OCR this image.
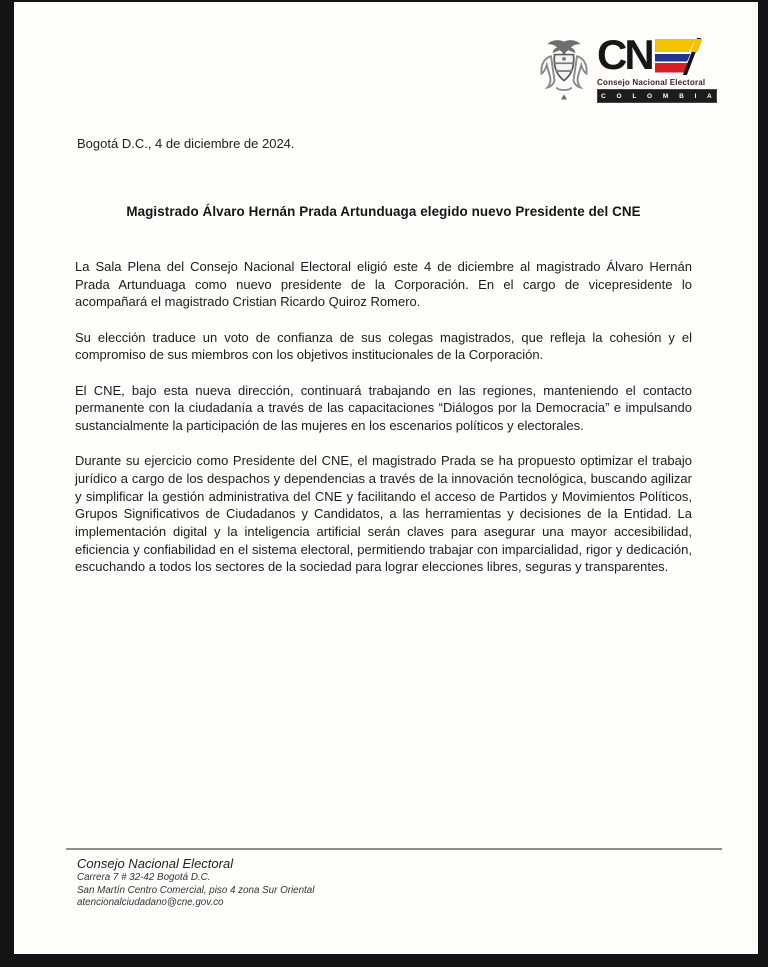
CN
Consejo Nacional Electoral
C O L O M B I A
Bogotá D.C., 4 de diciembre de 2024.
Magistrado Álvaro Hernán Prada Artunduaga elegido nuevo Presidente del CNE

La Sala Plena del Consejo Nacional Electoral eligió este 4 de diciembre al magistrado Álvaro Hernán Prada Artunduaga como nuevo presidente de la Corporación. En el cargo de vicepresidente lo acompañará el magistrado Cristian Ricardo Quiroz Romero.

Su elección traduce un voto de confianza de sus colegas magistrados, que refleja la cohesión y el compromiso de sus miembros con los objetivos institucionales de la Corporación.

El CNE, bajo esta nueva dirección, continuará trabajando en las regiones, manteniendo el contacto permanente con la ciudadanía a través de las capacitaciones “Diálogos por la Democracia” e impulsando sustancialmente la participación de las mujeres en los escenarios políticos y electorales.

Durante su ejercicio como Presidente del CNE, el magistrado Prada se ha propuesto optimizar el trabajo jurídico a cargo de los despachos y dependencias a través de la innovación tecnológica, buscando agilizar y simplificar la gestión administrativa del CNE y facilitando el acceso de Partidos y Movimientos Políticos, Grupos Significativos de Ciudadanos y Candidatos, a las herramientas y decisiones de la Entidad. La implementación digital y la inteligencia artificial serán claves para asegurar una mayor accesibilidad, eficiencia y confiabilidad en el sistema electoral, permitiendo trabajar con imparcialidad, rigor y dedicación, escuchando a todos los sectores de la sociedad para lograr elecciones libres, seguras y transparentes.

Consejo Nacional Electoral
Carrera 7 # 32-42 Bogotá D.C.
San Martín Centro Comercial, piso 4 zona Sur Oriental
atencionalciudadano@cne.gov.co
